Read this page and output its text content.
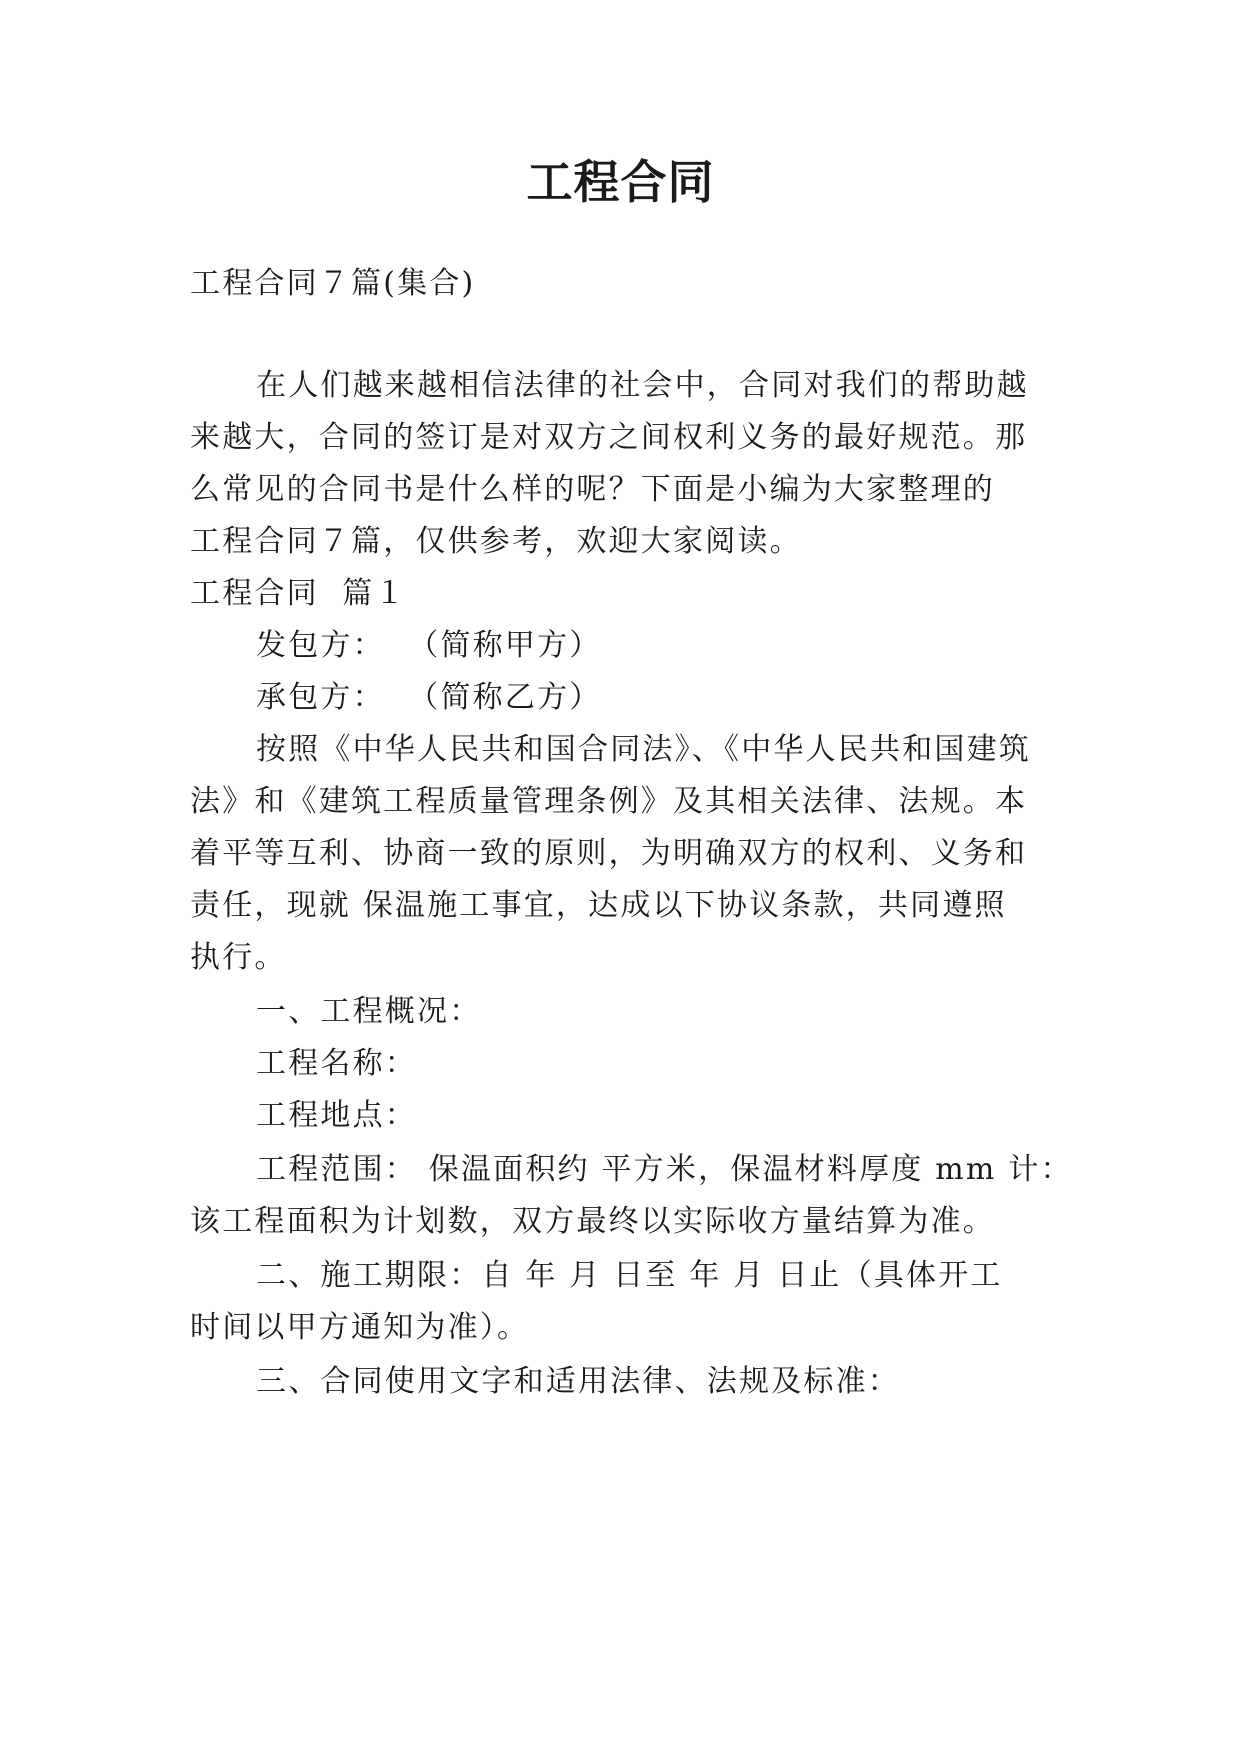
工程合同
工程合同７篇(集合)
在人们越来越相信法律的社会中，合同对我们的帮助越
来越大，合同的签订是对双方之间权利义务的最好规范。那
么常见的合同书是什么样的呢？下面是小编为大家整理的
工程合同７篇，仅供参考，欢迎大家阅读。
工程合同  篇１
发包方：  （简称甲方）
承包方：  （简称乙方）
按照《中华人民共和国合同法》、《中华人民共和国建筑
法》和《建筑工程质量管理条例》及其相关法律、法规。本
着平等互利、协商一致的原则，为明确双方的权利、义务和
责任，现就 保温施工事宜，达成以下协议条款，共同遵照
执行。
一、工程概况：
工程名称：
工程地点：
工程范围： 保温面积约 平方米，保温材料厚度 mm 计：
该工程面积为计划数，双方最终以实际收方量结算为准。
二、施工期限：自 年 月 日至 年 月 日止（具体开工
时间以甲方通知为准）。
三、合同使用文字和适用法律、法规及标准：
